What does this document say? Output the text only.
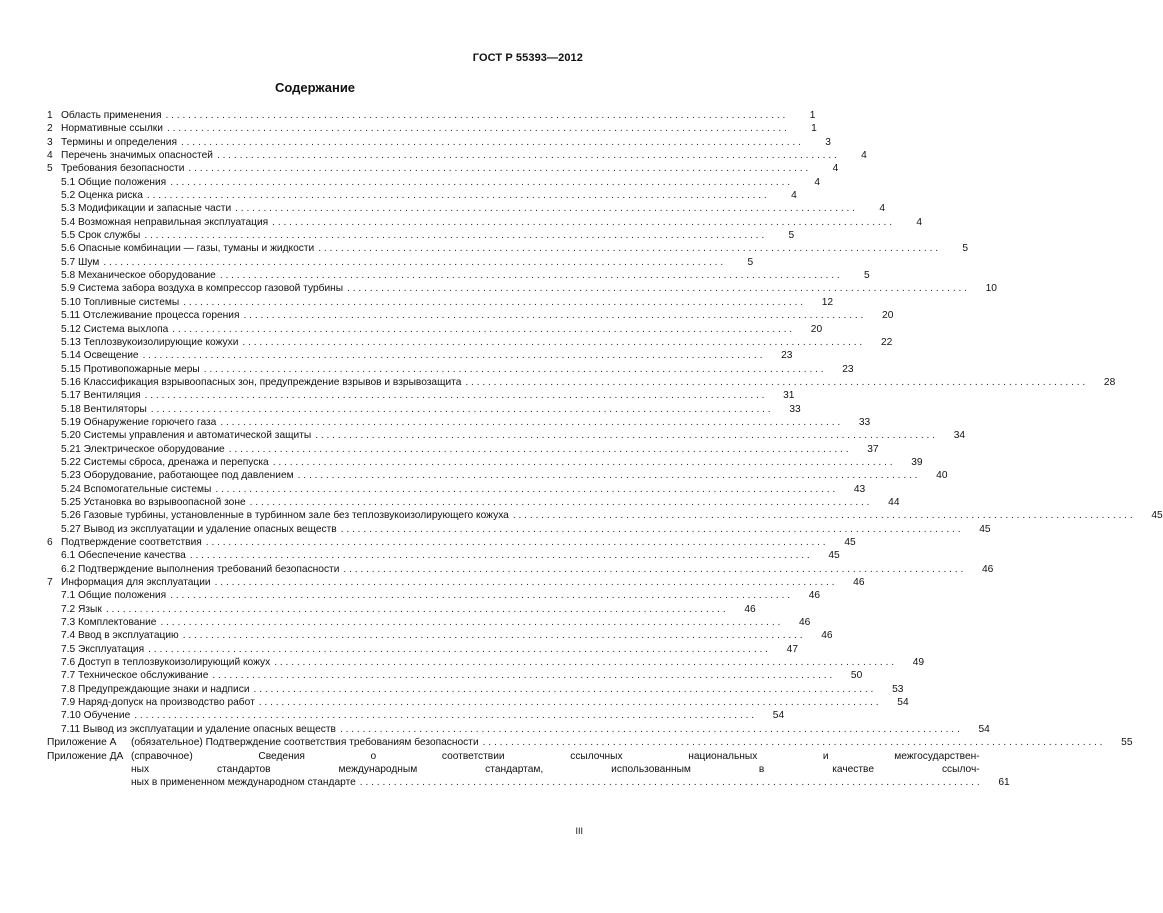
ГОСТ Р 55393—2012
Содержание
1 Область применения . . .	1
2 Нормативные ссылки . . .	1
3 Термины и определения . . .	3
4 Перечень значимых опасностей . . .	4
5 Требования безопасности . . .	4
5.1 Общие положения . . .	4
5.2 Оценка риска . . .	4
5.3 Модификации и запасные части . . .	4
5.4 Возможная неправильная эксплуатация . . .	4
5.5 Срок службы . . .	5
5.6 Опасные комбинации — газы, туманы и жидкости . . .	5
5.7 Шум . . .	5
5.8 Механическое оборудование . . .	5
5.9 Система забора воздуха в компрессор газовой турбины . . .	10
5.10 Топливные системы . . .	12
5.11 Отслеживание процесса горения . . .	20
5.12 Система выхлопа . . .	20
5.13 Теплозвукоизолирующие кожухи . . .	22
5.14 Освещение . . .	23
5.15 Противопожарные меры . . .	23
5.16 Классификация взрывоопасных зон, предупреждение взрывов и взрывозащита . . .	28
5.17 Вентиляция . . .	31
5.18 Вентиляторы . . .	33
5.19 Обнаружение горючего газа . . .	33
5.20 Системы управления и автоматической защиты . . .	34
5.21 Электрическое оборудование . . .	37
5.22 Системы сброса, дренажа и перепуска . . .	39
5.23 Оборудование, работающее под давлением . . .	40
5.24 Вспомогательные системы . . .	43
5.25 Установка во взрывоопасной зоне . . .	44
5.26 Газовые турбины, установленные в турбинном зале без теплозвукоизолирующего кожуха . . .	45
5.27 Вывод из эксплуатации и удаление опасных веществ . . .	45
6 Подтверждение соответствия . . .	45
6.1 Обеспечение качества . . .	45
6.2 Подтверждение выполнения требований безопасности . . .	46
7 Информация для эксплуатации . . .	46
7.1 Общие положения . . .	46
7.2 Язык . . .	46
7.3 Комплектование . . .	46
7.4 Ввод в эксплуатацию . . .	46
7.5 Эксплуатация . . .	47
7.6 Доступ в теплозвукоизолирующий кожух . . .	49
7.7 Техническое обслуживание . . .	50
7.8 Предупреждающие знаки и надписи . . .	53
7.9 Наряд-допуск на производство работ . . .	54
7.10 Обучение . . .	54
7.11 Вывод из эксплуатации и удаление опасных веществ . . .	54
Приложение А	(обязательное) Подтверждение соответствия требованиям безопасности . . .	55
Приложение ДА (справочное) Сведения о соответствии ссылочных национальных и межгосударствен-
ных стандартов международным стандартам, использованным в качестве ссылоч-
ных в примененном международном стандарте . . .	61
III
